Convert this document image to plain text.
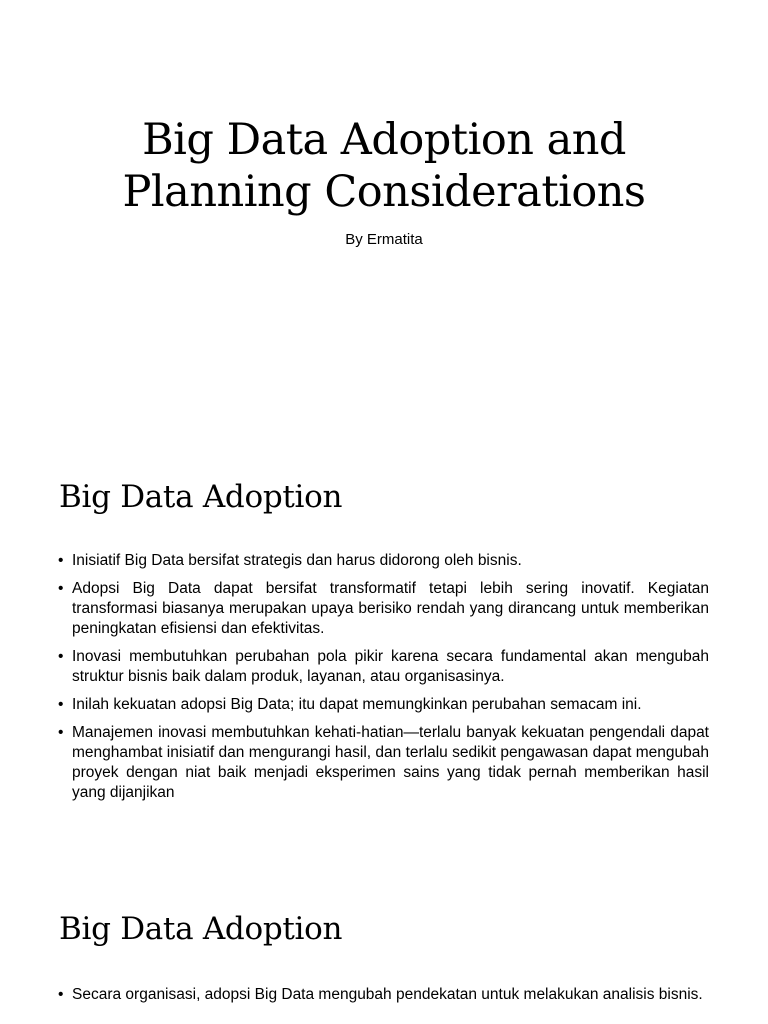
Big Data Adoption and
Planning Considerations
By Ermatita
Big Data Adoption
• Inisiatif Big Data bersifat strategis dan harus didorong oleh bisnis.
• Adopsi Big Data dapat bersifat transformatif tetapi lebih sering inovatif. Kegiatan transformasi biasanya merupakan upaya berisiko rendah yang dirancang untuk memberikan peningkatan efisiensi dan efektivitas.
• Inovasi membutuhkan perubahan pola pikir karena secara fundamental akan mengubah struktur bisnis baik dalam produk, layanan, atau organisasinya.
• Inilah kekuatan adopsi Big Data; itu dapat memungkinkan perubahan semacam ini.
• Manajemen inovasi membutuhkan kehati-hatian—terlalu banyak kekuatan pengendali dapat menghambat inisiatif dan mengurangi hasil, dan terlalu sedikit pengawasan dapat mengubah proyek dengan niat baik menjadi eksperimen sains yang tidak pernah memberikan hasil yang dijanjikan
Big Data Adoption
• Secara organisasi, adopsi Big Data mengubah pendekatan untuk melakukan analisis bisnis.
